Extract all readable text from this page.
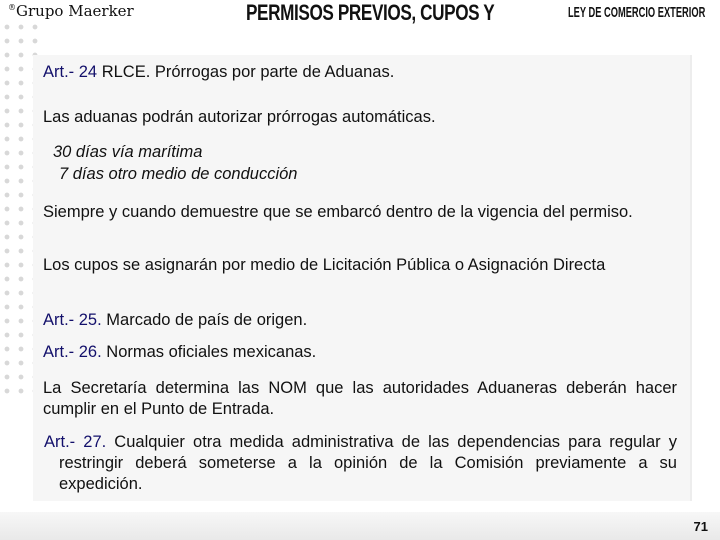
®Grupo Maerker	PERMISOS PREVIOS, CUPOS Y	LEY DE COMERCIO EXTERIOR
Art.- 24 RLCE. Prórrogas por parte de Aduanas.
Las aduanas podrán autorizar prórrogas automáticas.
30 días vía marítima
7 días otro medio de conducción
Siempre y cuando demuestre que se embarcó dentro de la vigencia del permiso.
Los cupos se asignarán por medio de Licitación Pública o Asignación Directa
Art.- 25. Marcado de país de origen.
Art.- 26. Normas oficiales mexicanas.
La Secretaría determina las NOM que las autoridades Aduaneras deberán hacer cumplir en el Punto de Entrada.
Art.- 27. Cualquier otra medida administrativa de las dependencias para regular y restringir deberá someterse a la opinión de la Comisión previamente a su expedición.
71
